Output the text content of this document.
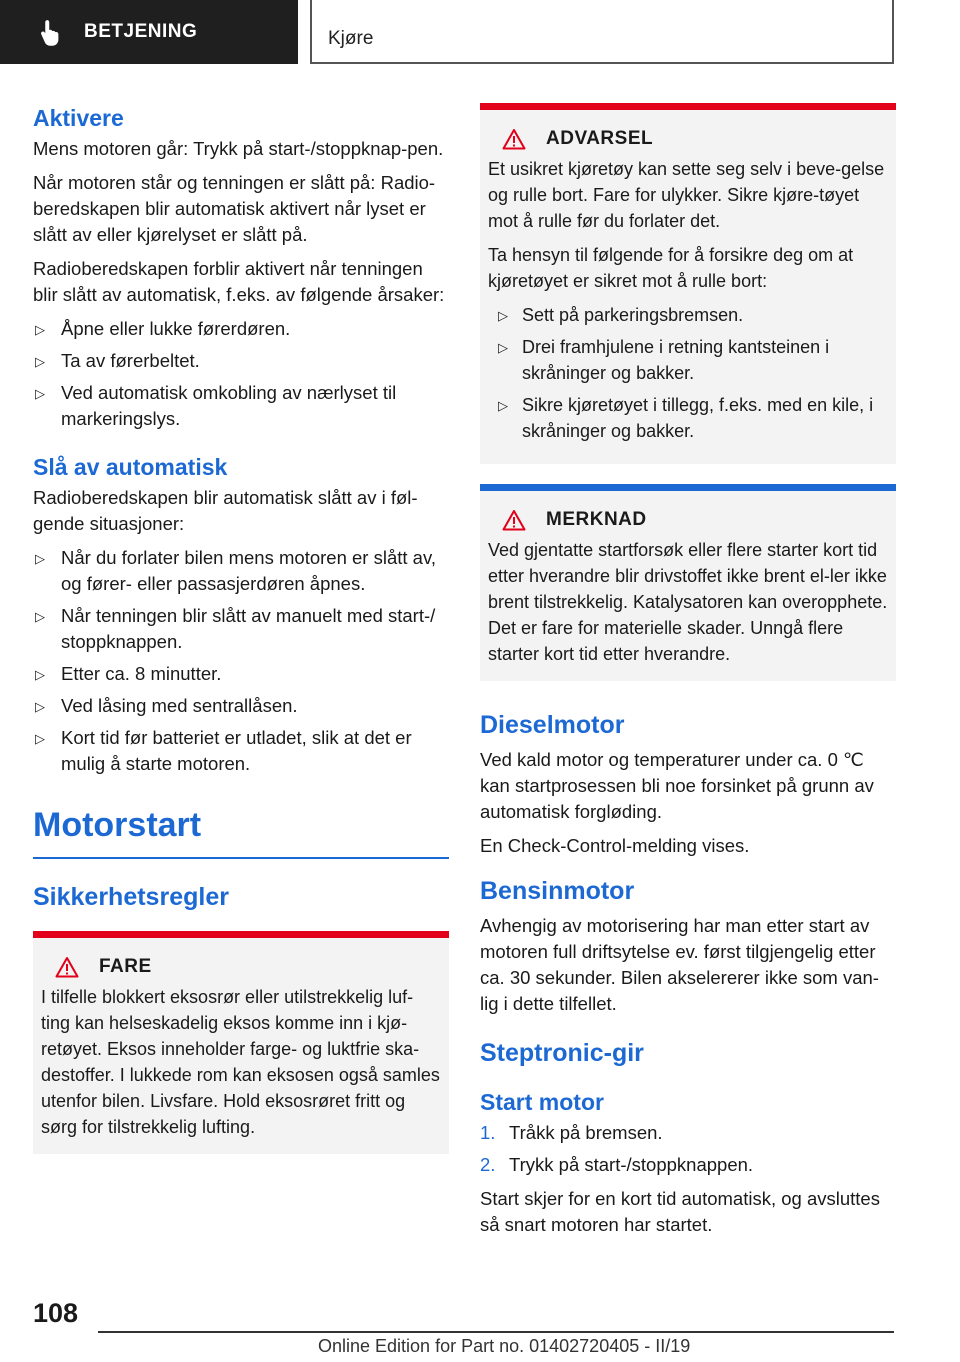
BETJENING	Kjøre
Aktivere

Mens motoren går: Trykk på start-/stoppknap-pen.

Når motoren står og tenningen er slått på: Radio-beredskapen blir automatisk aktivert når lyset er slått av eller kjørelyset er slått på.

Radioberedskapen forblir aktivert når tenningen blir slått av automatisk, f.eks. av følgende årsaker:

▷ Åpne eller lukke førerdøren.
▷ Ta av førerbeltet.
▷ Ved automatisk omkobling av nærlyset til markeringslys.
Slå av automatisk

Radioberedskapen blir automatisk slått av i føl-gende situasjoner:

▷ Når du forlater bilen mens motoren er slått av, og fører- eller passasjerdøren åpnes.
▷ Når tenningen blir slått av manuelt med start-/ stoppknappen.
▷ Etter ca. 8 minutter.
▷ Ved låsing med sentrallåsen.
▷ Kort tid før batteriet er utladet, slik at det er mulig å starte motoren.
Motorstart
Sikkerhetsregler
FARE

I tilfelle blokkert eksosrør eller utilstrekkelig luf-ting kan helseskadelig eksos komme inn i kjø-retøyet. Eksos inneholder farge- og luktfrie ska-destoffer. I lukkede rom kan eksosen også samles utenfor bilen. Livsfare. Hold eksosrøret fritt og sørg for tilstrekkelig lufting.

ADVARSEL

Et usikret kjøretøy kan sette seg selv i beve-gelse og rulle bort. Fare for ulykker. Sikre kjøre-tøyet mot å rulle før du forlater det.

Ta hensyn til følgende for å forsikre deg om at kjøretøyet er sikret mot å rulle bort:

▷ Sett på parkeringsbremsen.
▷ Drei framhjulene i retning kantsteinen i skråninger og bakker.
▷ Sikre kjøretøyet i tillegg, f.eks. med en kile, i skråninger og bakker.
MERKNAD

Ved gjentatte startforsøk eller flere starter kort tid etter hverandre blir drivstoffet ikke brent el-ler ikke brent tilstrekkelig. Katalysatoren kan overopphete. Det er fare for materielle skader. Unngå flere starter kort tid etter hverandre.

Dieselmotor

Ved kald motor og temperaturer under ca. 0 ℃ kan startprosessen bli noe forsinket på grunn av automatisk forgløding.

En Check-Control-melding vises.

Bensinmotor

Avhengig av motorisering har man etter start av motoren full driftsytelse ev. først tilgjengelig etter ca. 30 sekunder. Bilen akselererer ikke som van-lig i dette tilfellet.

Steptronic-gir
Start motor
1. Tråkk på bremsen.
2. Trykk på start-/stoppknappen.

Start skjer for en kort tid automatisk, og avsluttes så snart motoren har startet.

108
Online Edition for Part no. 01402720405 - II/19
